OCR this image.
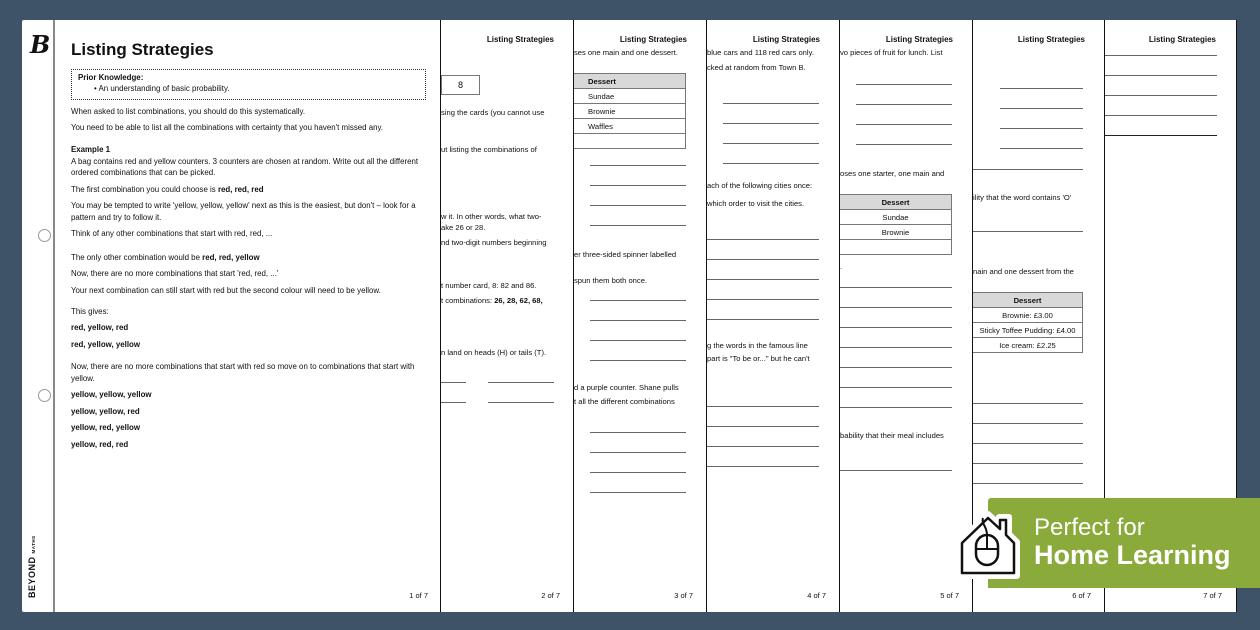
B
BEYONDMATHS
Listing Strategies
Prior Knowledge:
• An understanding of basic probability.

When asked to list combinations, you should do this systematically.

You need to be able to list all the combinations with certainty that you haven't missed any.

Example 1

A bag contains red and yellow counters. 3 counters are chosen at random. Write out all the different ordered combinations that can be picked.

The first combination you could choose is red, red, red

You may be tempted to write 'yellow, yellow, yellow' next as this is the easiest, but don't – look for a pattern and try to follow it.

Think of any other combinations that start with red, red, ...

The only other combination would be red, red, yellow

Now, there are no more combinations that start 'red, red, ...'

Your next combination can still start with red but the second colour will need to be yellow.

This gives:

red, yellow, red

red, yellow, yellow

Now, there are no more combinations that start with red so move on to combinations that start with yellow.

yellow, yellow, yellow

yellow, yellow, red

yellow, red, yellow

yellow, red, red

1 of 7
Listing Strategies
8
sing the cards (you cannot use
ut listing the combinations of
w it. In other words, what two-
ake 26 or 28.
nd two-digit numbers beginning
t number card, 8: 82 and 86.
t combinations: 26, 28, 62, 68,
n land on heads (H) or tails (T).
2 of 7
Listing Strategies
ses one main and one dessert.
Dessert
Sundae
Brownie
Waffles

er three-sided spinner labelled
spun them both once.
d a purple counter. Shane pulls
t all the different combinations
3 of 7
Listing Strategies
blue cars and 118 red cars only.
cked at random from Town B.
ach of the following cities once:
which order to visit the cities.
g the words in the famous line
part is "To be or..." but he can't
4 of 7
Listing Strategies
vo pieces of fruit for lunch. List
oses one starter, one main and
Dessert
Sundae
Brownie

.
bability that their meal includes
5 of 7
Listing Strategies
ility that the word contains 'O'
nain and one dessert from the
Dessert
Brownie: £3.00
Sticky Toffee Pudding: £4.00
Ice cream: £2.25
6 of 7
Listing Strategies
7 of 7
Perfect for
Home Learning
